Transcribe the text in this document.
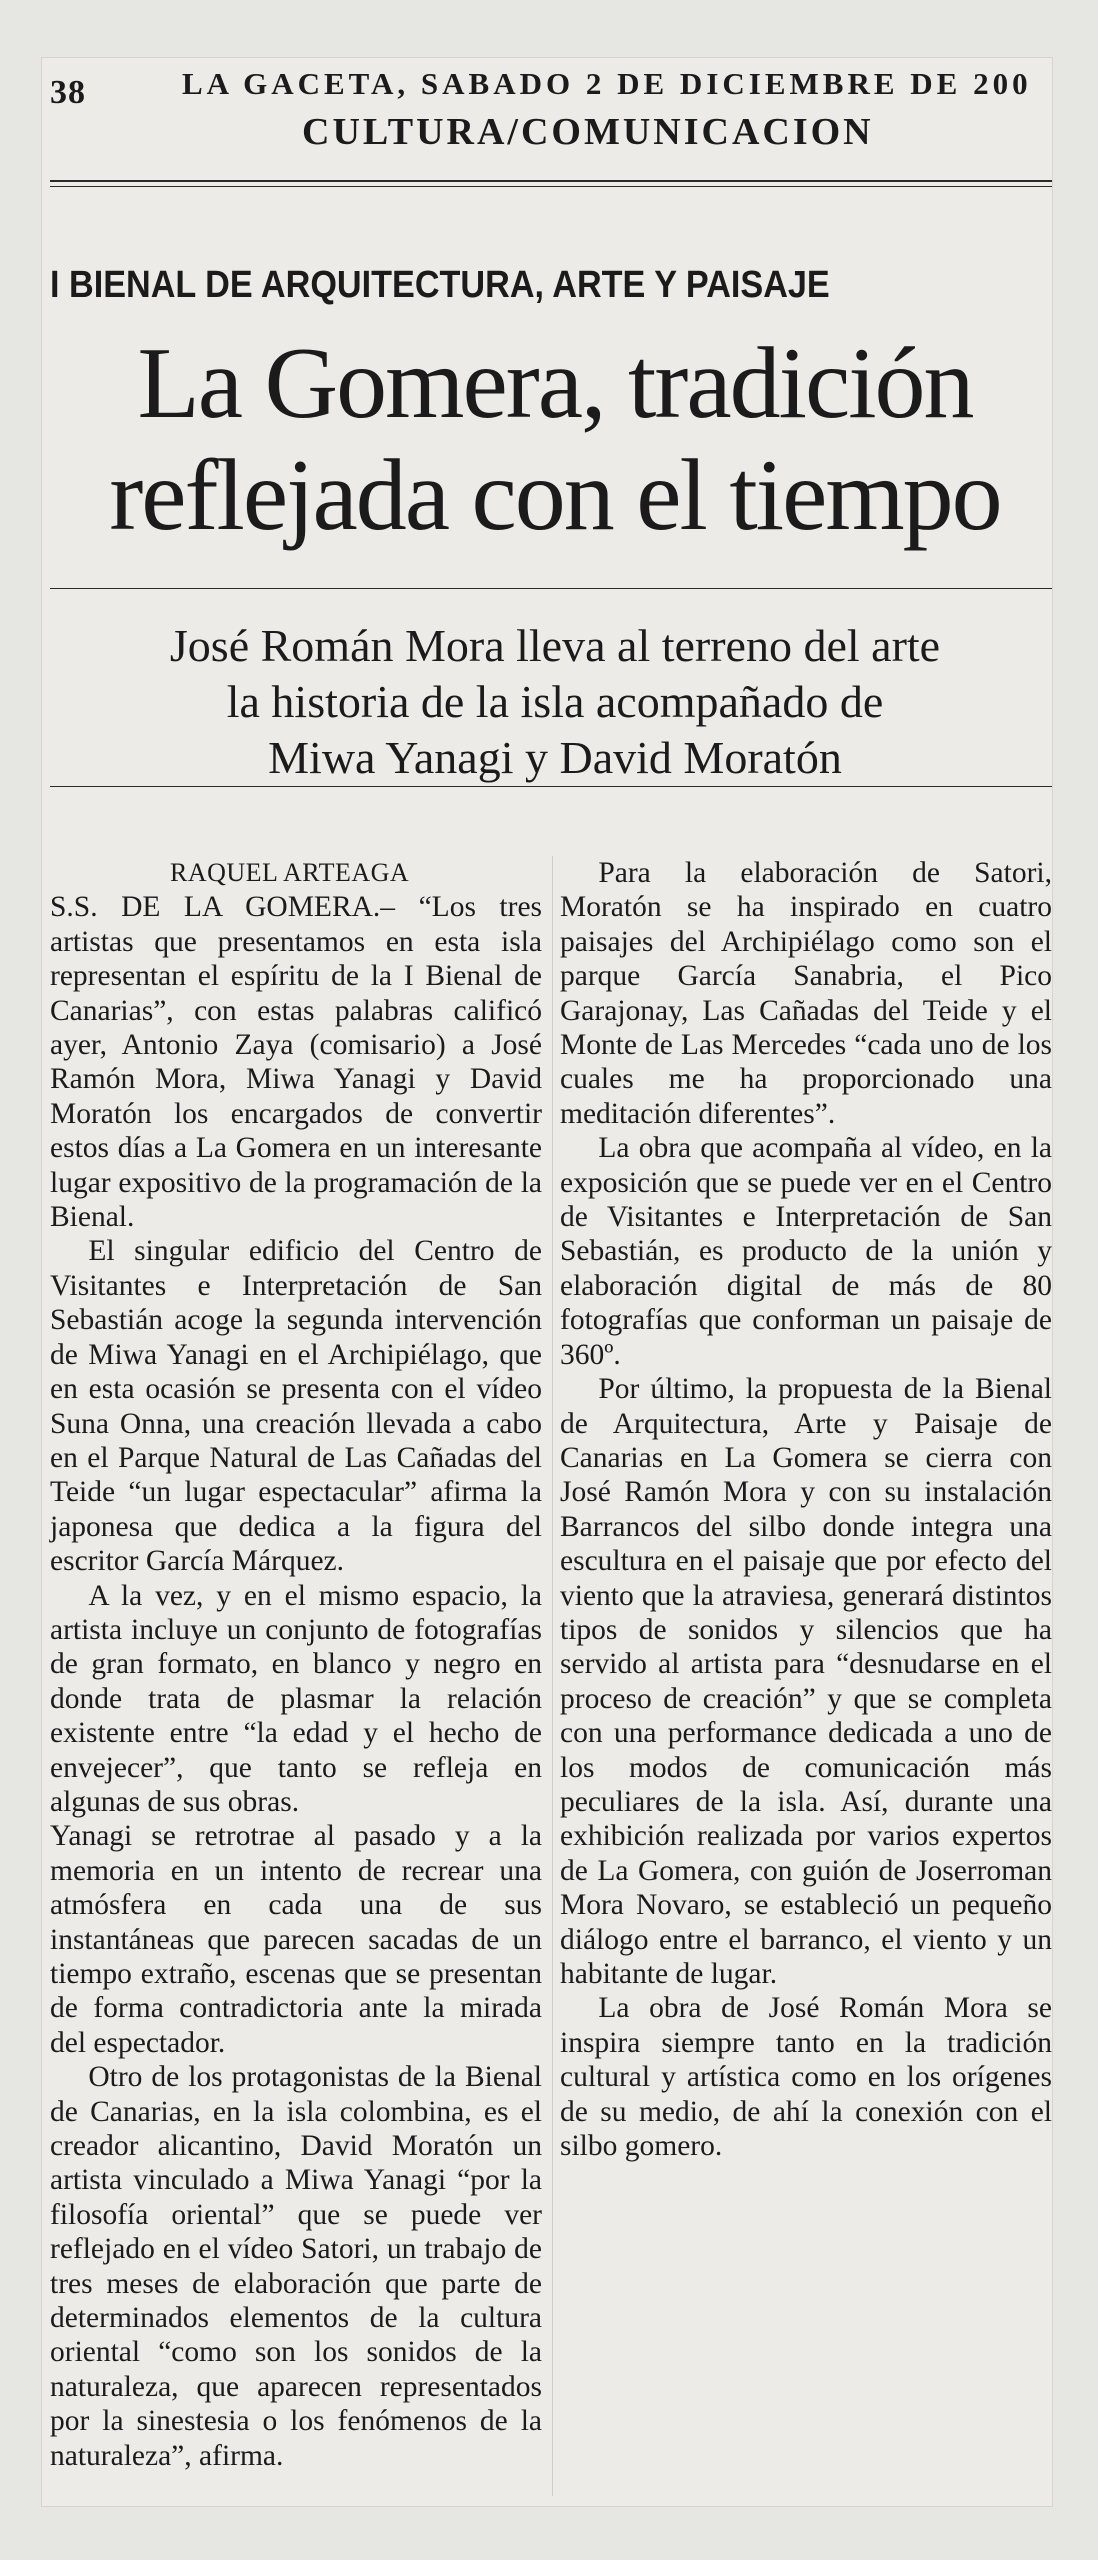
38	LA GACETA, SABADO 2 DE DICIEMBRE DE 200
CULTURA/COMUNICACION
I BIENAL DE ARQUITECTURA, ARTE Y PAISAJE
La Gomera, tradición
reflejada con el tiempo
José Román Mora lleva al terreno del arte
la historia de la isla acompañado de
Miwa Yanagi y David Moratón
RAQUEL ARTEAGA

S.S. DE LA GOMERA.– “Los tres artistas que presentamos en esta isla representan el espíritu de la I Bienal de Canarias”, con estas palabras calificó ayer, Antonio Zaya (comisario) a José Ramón Mora, Miwa Yanagi y David Moratón los encargados de convertir estos días a La Gomera en un interesante lugar expositivo de la programación de la Bienal.

El singular edificio del Centro de Visitantes e Interpretación de San Sebastián acoge la segunda intervención de Miwa Yanagi en el Archipiélago, que en esta ocasión se presenta con el vídeo Suna Onna, una creación llevada a cabo en el Parque Natural de Las Cañadas del Teide “un lugar espectacular” afirma la japonesa que dedica a la figura del escritor García Márquez.

A la vez, y en el mismo espacio, la artista incluye un conjunto de fotografías de gran formato, en blanco y negro en donde trata de plasmar la relación existente entre “la edad y el hecho de envejecer”, que tanto se refleja en algunas de sus obras.

Yanagi se retrotrae al pasado y a la memoria en un intento de recrear una atmósfera en cada una de sus instantáneas que parecen sacadas de un tiempo extraño, escenas que se presentan de forma contradictoria ante la mirada del espectador.

Otro de los protagonistas de la Bienal de Canarias, en la isla colombina, es el creador alicantino, David Moratón un artista vinculado a Miwa Yanagi “por la filosofía oriental” que se puede ver reflejado en el vídeo Satori, un trabajo de tres meses de elaboración que parte de determinados elementos de la cultura oriental “como son los sonidos de la naturaleza, que aparecen representados por la sinestesia o los fenómenos de la naturaleza”, afirma.

Para la elaboración de Satori, Moratón se ha inspirado en cuatro paisajes del Archipiélago como son el parque García Sanabria, el Pico Garajonay, Las Cañadas del Teide y el Monte de Las Mercedes “cada uno de los cuales me ha proporcionado una meditación diferentes”.

La obra que acompaña al vídeo, en la exposición que se puede ver en el Centro de Visitantes e Interpretación de San Sebastián, es producto de la unión y elaboración digital de más de 80 fotografías que conforman un paisaje de 360º.

Por último, la propuesta de la Bienal de Arquitectura, Arte y Paisaje de Canarias en La Gomera se cierra con José Ramón Mora y con su instalación Barrancos del silbo donde integra una escultura en el paisaje que por efecto del viento que la atraviesa, generará distintos tipos de sonidos y silencios que ha servido al artista para “desnudarse en el proceso de creación” y que se completa con una performance dedicada a uno de los modos de comunicación más peculiares de la isla. Así, durante una exhibición realizada por varios expertos de La Gomera, con guión de Joserroman Mora Novaro, se estableció un pequeño diálogo entre el barranco, el viento y un habitante de lugar.

La obra de José Román Mora se inspira siempre tanto en la tradición cultural y artística como en los orígenes de su medio, de ahí la conexión con el silbo gomero.
